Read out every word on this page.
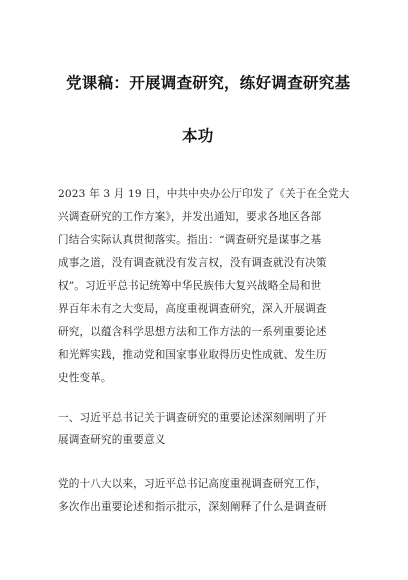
党课稿：开展调查研究，练好调查研究基
本功
2023 年 3 月 19 日，中共中央办公厅印发了《关于在全党大
兴调查研究的工作方案》，并发出通知，要求各地区各部
门结合实际认真贯彻落实。指出：“调查研究是谋事之基
成事之道，没有调查就没有发言权，没有调查就没有决策
权”。习近平总书记统筹中华民族伟大复兴战略全局和世
界百年未有之大变局，高度重视调查研究，深入开展调查
研究，以蕴含科学思想方法和工作方法的一系列重要论述
和光辉实践，推动党和国家事业取得历史性成就、发生历
史性变革。
一、习近平总书记关于调查研究的重要论述深刻阐明了开
展调查研究的重要意义
党的十八大以来，习近平总书记高度重视调查研究工作，
多次作出重要论述和指示批示，深刻阐释了什么是调查研
